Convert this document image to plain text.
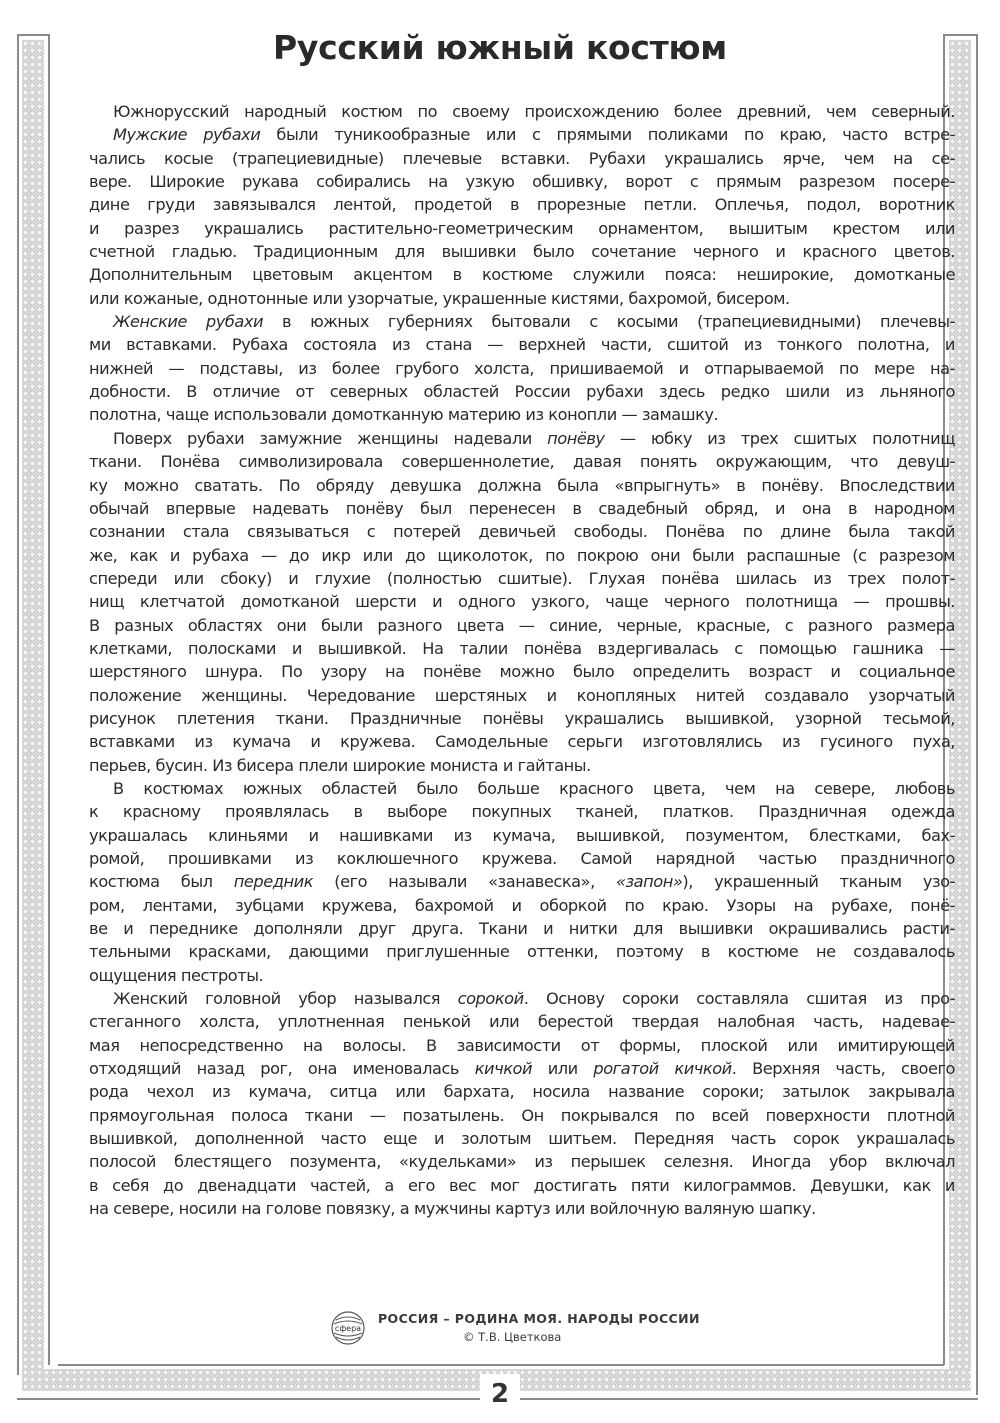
Русский южный костюм
Южнорусский народный костюм по своему происхождению более древний, чем северный.
Мужские рубахи были туникообразные или с прямыми поликами по краю, часто встре-
чались косые (трапециевидные) плечевые вставки. Рубахи украшались ярче, чем на се-
вере. Широкие рукава собирались на узкую обшивку, ворот с прямым разрезом посере-
дине груди завязывался лентой, продетой в прорезные петли. Оплечья, подол, воротник
и разрез украшались растительно-геометрическим орнаментом, вышитым крестом или
счетной гладью. Традиционным для вышивки было сочетание черного и красного цветов.
Дополнительным цветовым акцентом в костюме служили пояса: неширокие, домотканые
или кожаные, однотонные или узорчатые, украшенные кистями, бахромой, бисером.
Женские рубахи в южных губерниях бытовали с косыми (трапециевидными) плечевы-
ми вставками. Рубаха состояла из стана — верхней части, сшитой из тонкого полотна, и
нижней — подставы, из более грубого холста, пришиваемой и отпарываемой по мере на-
добности. В отличие от северных областей России рубахи здесь редко шили из льняного
полотна, чаще использовали домотканную материю из конопли — замашку.
Поверх рубахи замужние женщины надевали понёву — юбку из трех сшитых полотнищ
ткани. Понёва символизировала совершеннолетие, давая понять окружающим, что девуш-
ку можно сватать. По обряду девушка должна была «впрыгнуть» в понёву. Впоследствии
обычай впервые надевать понёву был перенесен в свадебный обряд, и она в народном
сознании стала связываться с потерей девичьей свободы. Понёва по длине была такой
же, как и рубаха — до икр или до щиколоток, по покрою они были распашные (с разрезом
спереди или сбоку) и глухие (полностью сшитые). Глухая понёва шилась из трех полот-
нищ клетчатой домотканой шерсти и одного узкого, чаще черного полотнища — прошвы.
В разных областях они были разного цвета — синие, черные, красные, с разного размера
клетками, полосками и вышивкой. На талии понёва вздергивалась с помощью гашника —
шерстяного шнура. По узору на понёве можно было определить возраст и социальное
положение женщины. Чередование шерстяных и конопляных нитей создавало узорчатый
рисунок плетения ткани. Праздничные понёвы украшались вышивкой, узорной тесьмой,
вставками из кумача и кружева. Самодельные серьги изготовлялись из гусиного пуха,
перьев, бусин. Из бисера плели широкие мониста и гайтаны.
В костюмах южных областей было больше красного цвета, чем на севере, любовь
к красному проявлялась в выборе покупных тканей, платков. Праздничная одежда
украшалась клиньями и нашивками из кумача, вышивкой, позументом, блестками, бах-
ромой, прошивками из коклюшечного кружева. Самой нарядной частью праздничного
костюма был передник (его называли «занавеска», «запон»), украшенный тканым узо-
ром, лентами, зубцами кружева, бахромой и оборкой по краю. Узоры на рубахе, понё-
ве и переднике дополняли друг друга. Ткани и нитки для вышивки окрашивались расти-
тельными красками, дающими приглушенные оттенки, поэтому в костюме не создавалось
ощущения пестроты.
Женский головной убор назывался сорокой. Основу сороки составляла сшитая из про-
стеганного холста, уплотненная пенькой или берестой твердая налобная часть, надевае-
мая непосредственно на волосы. В зависимости от формы, плоской или имитирующей
отходящий назад рог, она именовалась кичкой или рогатой кичкой. Верхняя часть, своего
рода чехол из кумача, ситца или бархата, носила название сороки; затылок закрывала
прямоугольная полоса ткани — позатылень. Он покрывался по всей поверхности плотной
вышивкой, дополненной часто еще и золотым шитьем. Передняя часть сорок украшалась
полосой блестящего позумента, «кудельками» из перышек селезня. Иногда убор включал
в себя до двенадцати частей, а его вес мог достигать пяти килограммов. Девушки, как и
на севере, носили на голове повязку, а мужчины картуз или войлочную валяную шапку.
сфера
РОССИЯ – РОДИНА МОЯ. НАРОДЫ РОССИИ
© Т.В. Цветкова
2
